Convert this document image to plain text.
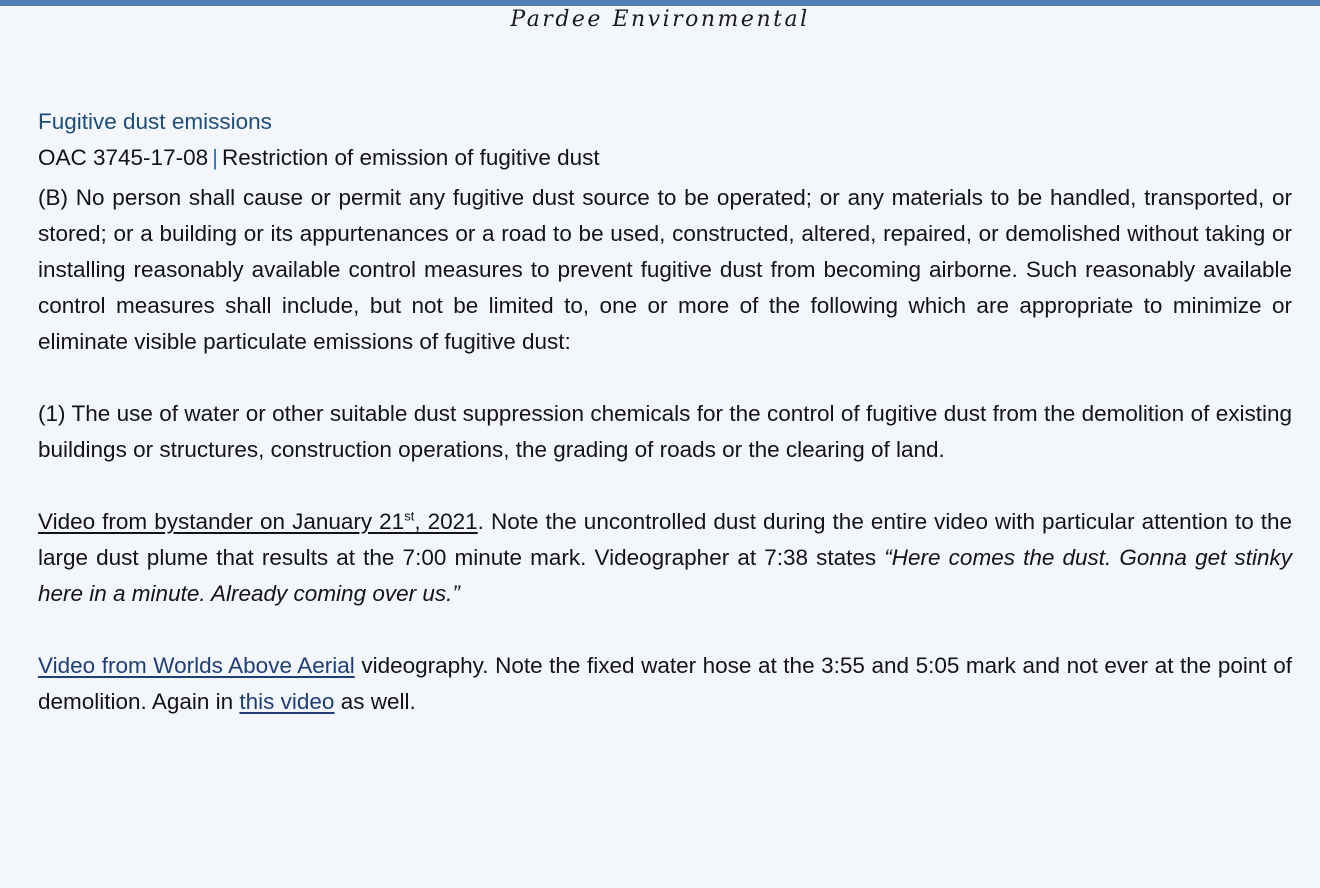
Pardee Environmental
Fugitive dust emissions

OAC 3745-17-08 | Restriction of emission of fugitive dust

(B) No person shall cause or permit any fugitive dust source to be operated; or any materials to be handled, transported, or stored; or a building or its appurtenances or a road to be used, constructed, altered, repaired, or demolished without taking or installing reasonably available control measures to prevent fugitive dust from becoming airborne. Such reasonably available control measures shall include, but not be limited to, one or more of the following which are appropriate to minimize or eliminate visible particulate emissions of fugitive dust:

(1) The use of water or other suitable dust suppression chemicals for the control of fugitive dust from the demolition of existing buildings or structures, construction operations, the grading of roads or the clearing of land.

Video from bystander on January 21st, 2021. Note the uncontrolled dust during the entire video with particular attention to the large dust plume that results at the 7:00 minute mark. Videographer at 7:38 states “Here comes the dust. Gonna get stinky here in a minute. Already coming over us.”

Video from Worlds Above Aerial videography. Note the fixed water hose at the 3:55 and 5:05 mark and not ever at the point of demolition. Again in this video as well.
